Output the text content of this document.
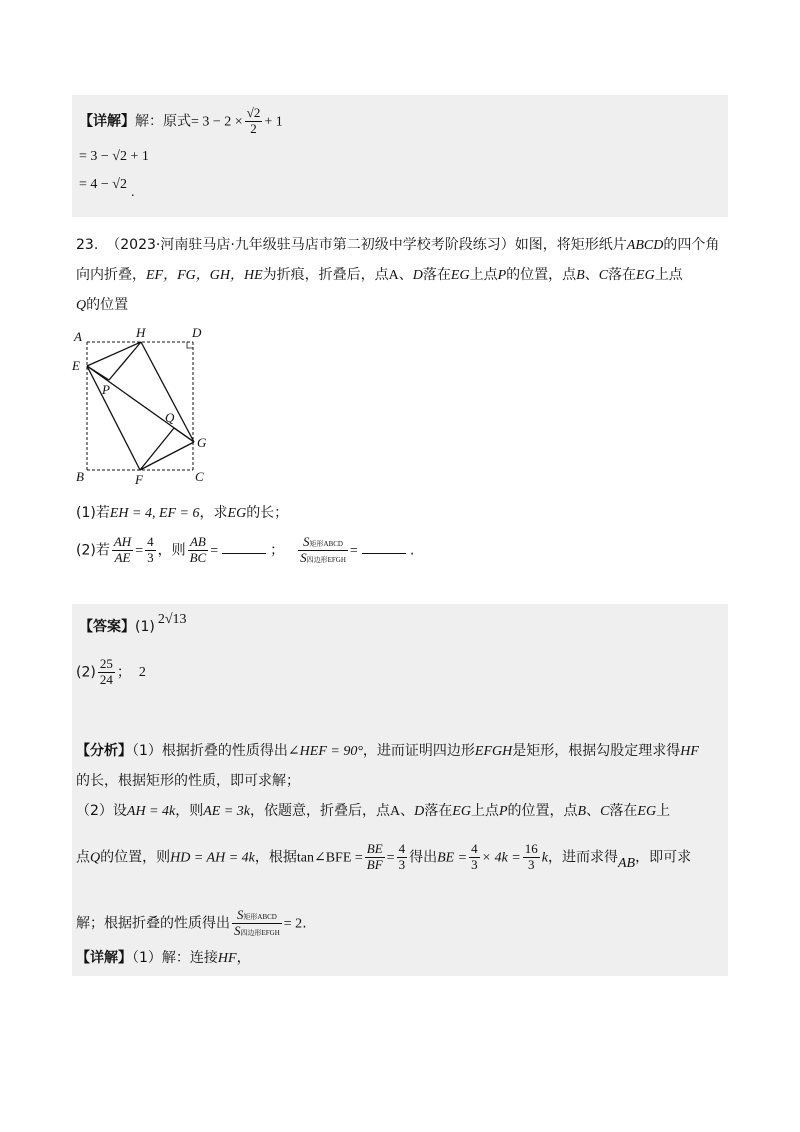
【详解】解：原式= $3 - 2 \times \frac{√2}{2} + 1$
= 3 − √2 + 1
= 4 − √2.
23. （2023·河南驻马店·九年级驻马店市第二初级中学校考阶段练习）如图，将矩形纸片ABCD的四个角
向内折叠，EF，FG，GH，HE为折痕，折叠后，点A、D落在EG上点P的位置，点B、C落在EG上点
Q的位置
A	H	D
E
P
Q
G
B	F	C
(1)若EH = 4, EF = 6，求EG的长；
(2)若 $\frac{AH}{AE} = \frac{4}{3}$ ，则 $\frac{AB}{BC}$ =	； $\frac{\text{S矩形ABCD}}{\text{S四边形EFGH}}$ =	.
【答案】(1) 2√13
$(2) \frac{25}{24}$ ； 2
【分析】（1）根据折叠的性质得出∠HEF = 90°，进而证明四边形EFGH是矩形，根据勾股定理求得HF
的长，根据矩形的性质，即可求解；
（2）设AH = 4k，则AE = 3k，依题意，折叠后，点A、D落在EG上点P的位置，点B、C落在EG上
点Q的位置，则HD = AH = 4k，根据tan∠BFE = $\frac{BE}{BF} = \frac{4}{3}$ 得出BE = $\frac{4}{3} \times 4k = \frac{16}{3}$ k，进而求得AB，即可求
解；根据折叠的性质得出 $\frac{\text{S矩形ABCD}}{\text{S四边形EFGH}} = 2$.
【详解】（1）解：连接HF，
